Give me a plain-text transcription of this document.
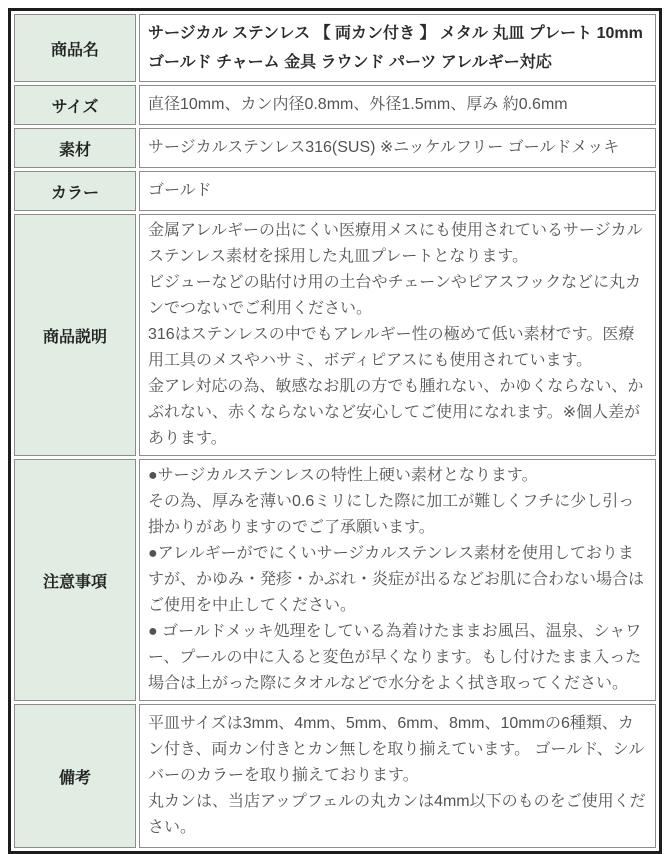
商品名	サージカル ステンレス 【 両カン付き 】 メタル 丸皿 プレート 10mm ゴールド チャーム 金具 ラウンド パーツ アレルギー対応

サイズ	直径10mm、カン内径0.8mm、外径1.5mm、厚み 約0.6mm

素材	サージカルステンレス316(SUS) ※ニッケルフリー ゴールドメッキ

カラー	ゴールド

商品説明	金属アレルギーの出にくい医療用メスにも使用されているサージカルステンレス素材を採用した丸皿プレートとなります。

ビジューなどの貼付け用の土台やチェーンやピアスフックなどに丸カンでつないでご利用ください。

316はステンレスの中でもアレルギー性の極めて低い素材です。医療用工具のメスやハサミ、ボディピアスにも使用されています。

金アレ対応の為、敏感なお肌の方でも腫れない、かゆくならない、かぶれない、赤くならないなど安心してご使用になれます。※個人差があります。

注意事項	●サージカルステンレスの特性上硬い素材となります。

その為、厚みを薄い0.6ミリにした際に加工が難しくフチに少し引っ掛かりがありますのでご了承願います。

●アレルギーがでにくいサージカルステンレス素材を使用しておりますが、かゆみ・発疹・かぶれ・炎症が出るなどお肌に合わない場合はご使用を中止してください。

● ゴールドメッキ処理をしている為着けたままお風呂、温泉、シャワー、プールの中に入ると変色が早くなります。もし付けたまま入った場合は上がった際にタオルなどで水分をよく拭き取ってください。

備考	平皿サイズは3mm、4mm、5mm、6mm、8mm、10mmの6種類、カン付き、両カン付きとカン無しを取り揃えています。 ゴールド、シルバーのカラーを取り揃えております。

丸カンは、当店アップフェルの丸カンは4mm以下のものをご使用ください。
